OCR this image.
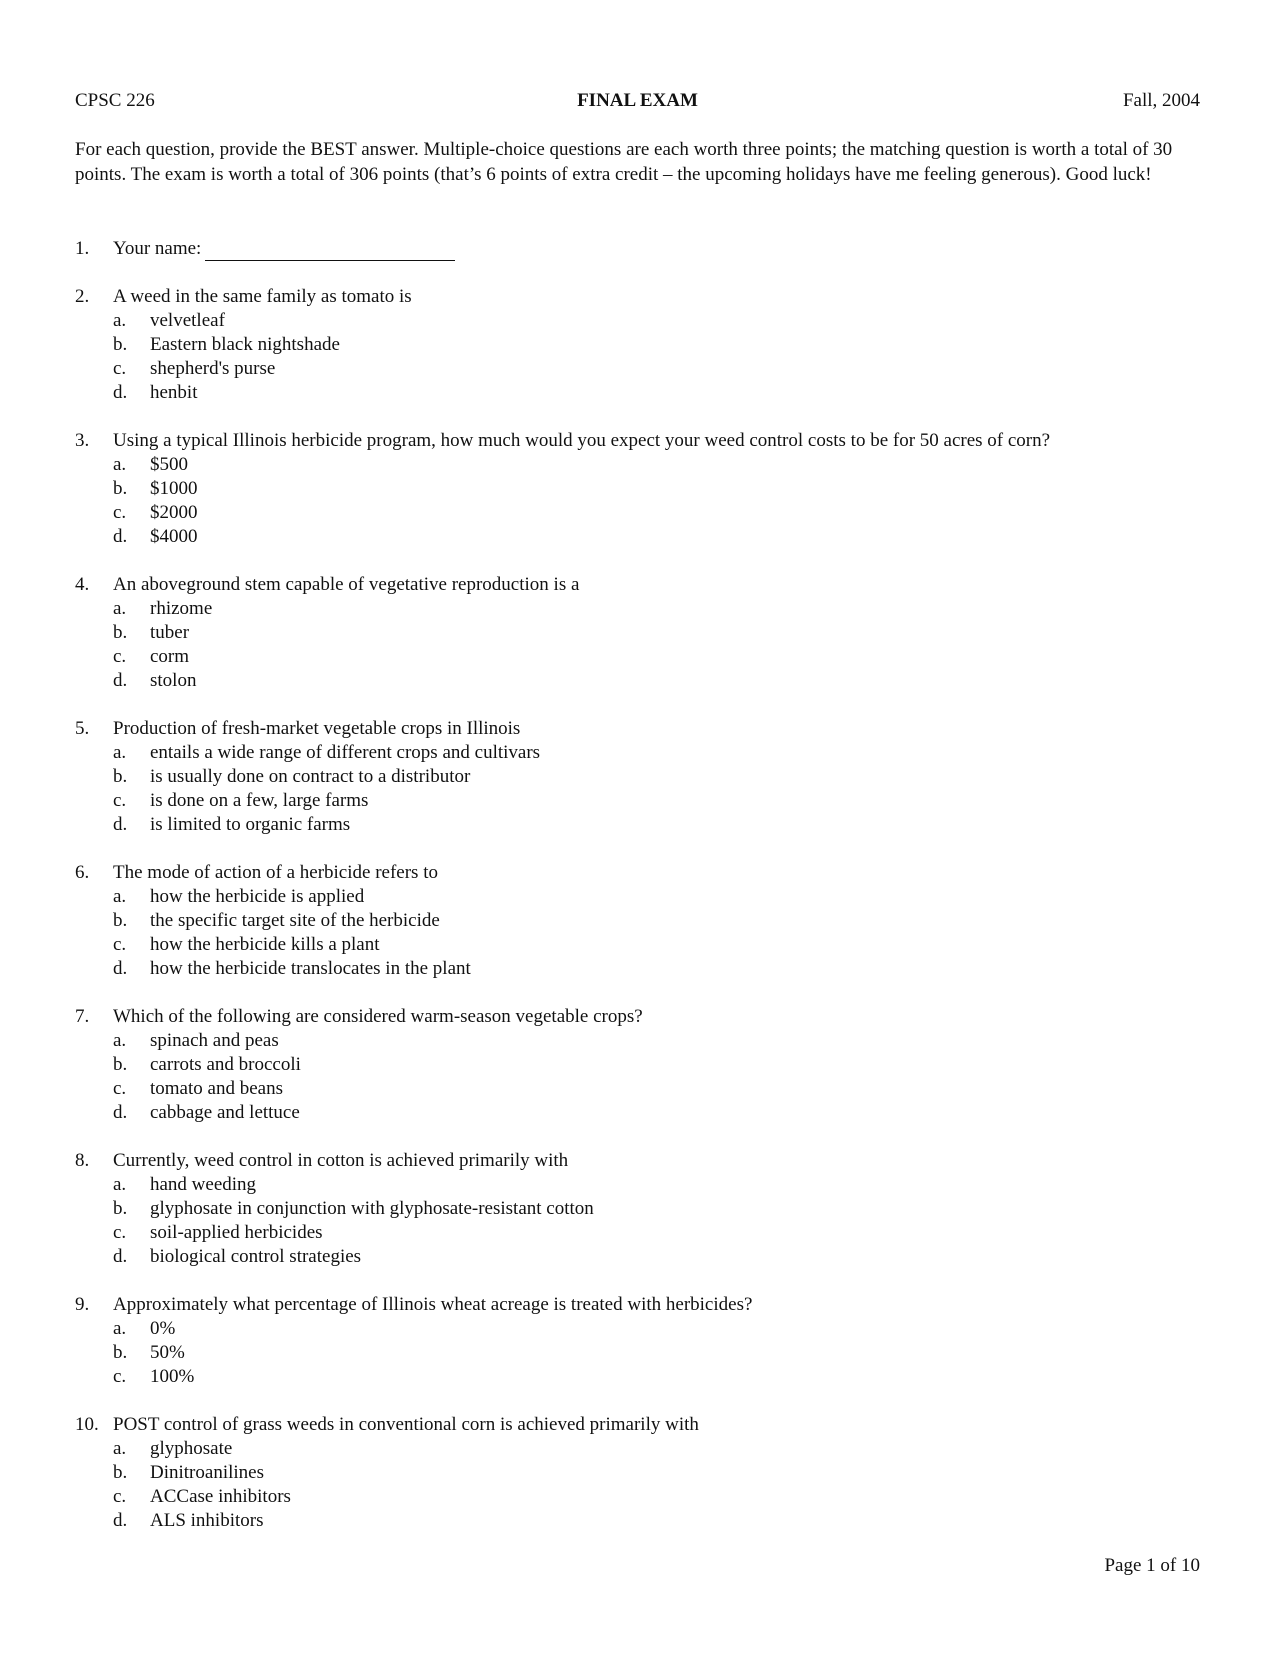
CPSC 226	FINAL EXAM	Fall, 2004
For each question, provide the BEST answer. Multiple-choice questions are each worth three points; the matching question is worth a total of 30 points. The exam is worth a total of 306 points (that’s 6 points of extra credit – the upcoming holidays have me feeling generous). Good luck!
1.	Your name:
2.	A weed in the same family as tomato is
a.	velvetleaf
b.	Eastern black nightshade
c.	shepherd's purse
d.	henbit
3.	Using a typical Illinois herbicide program, how much would you expect your weed control costs to be for 50 acres of corn?
a.	$500
b.	$1000
c.	$2000
d.	$4000
4.	An aboveground stem capable of vegetative reproduction is a
a.	rhizome
b.	tuber
c.	corm
d.	stolon
5.	Production of fresh-market vegetable crops in Illinois
a.	entails a wide range of different crops and cultivars
b.	is usually done on contract to a distributor
c.	is done on a few, large farms
d.	is limited to organic farms
6.	The mode of action of a herbicide refers to
a.	how the herbicide is applied
b.	the specific target site of the herbicide
c.	how the herbicide kills a plant
d.	how the herbicide translocates in the plant
7.	Which of the following are considered warm-season vegetable crops?
a.	spinach and peas
b.	carrots and broccoli
c.	tomato and beans
d.	cabbage and lettuce
8.	Currently, weed control in cotton is achieved primarily with
a.	hand weeding
b.	glyphosate in conjunction with glyphosate-resistant cotton
c.	soil-applied herbicides
d.	biological control strategies
9.	Approximately what percentage of Illinois wheat acreage is treated with herbicides?
a.	0%
b.	50%
c.	100%
10. POST control of grass weeds in conventional corn is achieved primarily with
a.	glyphosate
b.	Dinitroanilines
c.	ACCase inhibitors
d.	ALS inhibitors
Page 1 of 10
